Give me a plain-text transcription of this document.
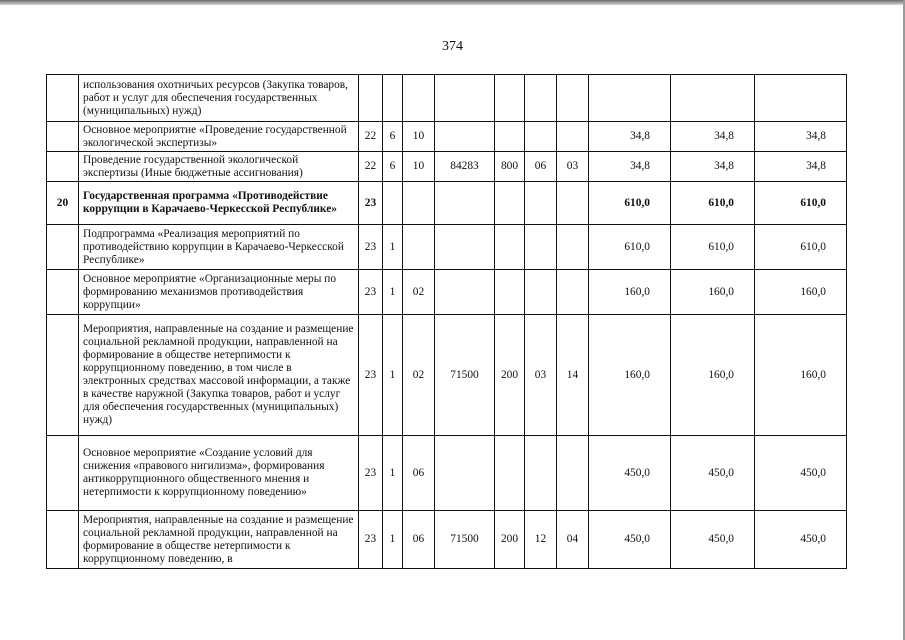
374

	использования охотничьих ресурсов (Закупка товаров, работ и услуг для обеспечения государственных (муниципальных) нужд)										

	Основное мероприятие «Проведение государственной экологической экспертизы»	22	6	10					34,8	34,8	34,8

	Проведение государственной экологической экспертизы (Иные бюджетные ассигнования)	22	6	10	84283	800	06	03	34,8	34,8	34,8
20	Государственная программа «Противодействие коррупции в Карачаево-Черкесской Республике»	23							610,0	610,0	610,0

	Подпрограмма «Реализация мероприятий по противодействию коррупции в Карачаево-Черкесской Республике»	23	1						610,0	610,0	610,0

	Основное мероприятие «Организационные меры по формированию механизмов противодействия коррупции»	23	1	02					160,0	160,0	160,0

	Мероприятия, направленные на создание и размещение социальной рекламной продукции, направленной на формирование в обществе нетерпимости к коррупционному поведению, в том числе в электронных средствах массовой информации, а также в качестве наружной (Закупка товаров, работ и услуг для обеспечения государственных (муниципальных) нужд)	23	1	02	71500	200	03	14	160,0	160,0	160,0

	Основное мероприятие «Создание условий для снижения «правового нигилизма», формирования антикоррупционного общественного мнения и нетерпимости к коррупционному поведению»	23	1	06					450,0	450,0	450,0

	Мероприятия, направленные на создание и размещение социальной рекламной продукции, направленной на формирование в обществе нетерпимости к коррупционному поведению, в	23	1	06	71500	200	12	04	450,0	450,0	450,0
